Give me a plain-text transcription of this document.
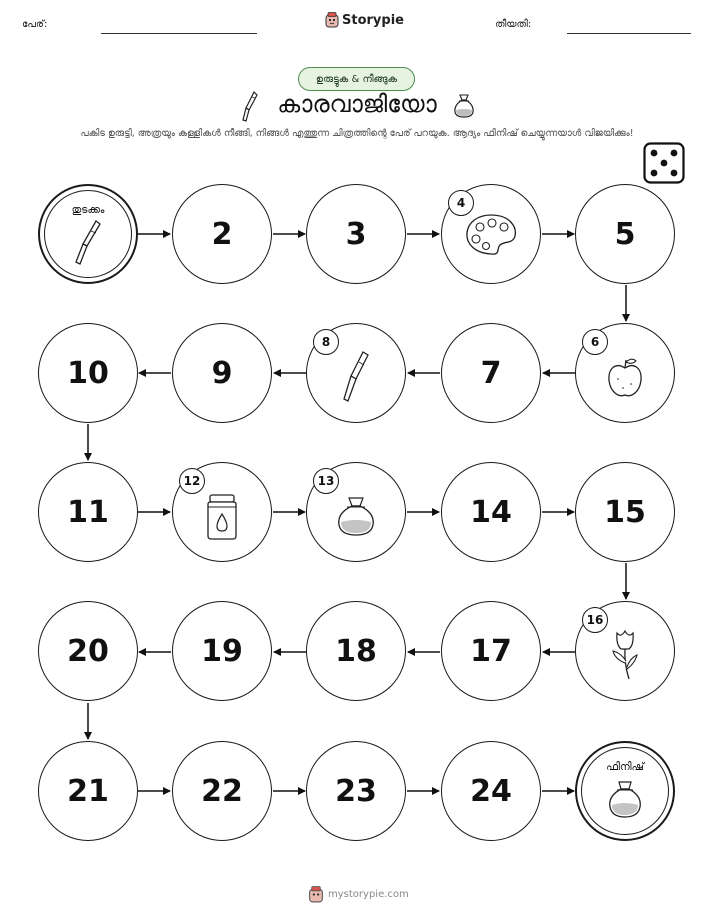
പേര്:	Storypie	തീയതി:
ഉരുട്ടുക & നീങ്ങുക
കാരവാജിയോ
പകിട ഉരുട്ടി, അത്രയും കള്ളികൾ നീങ്ങി, നിങ്ങൾ എത്തുന്ന ചിത്രത്തിന്റെ പേര് പറയുക. ആദ്യം ഫിനിഷ് ചെയ്യുന്നയാൾ വിജയിക്കും!
തുടക്കം
2	3
4
5
6
7
8
9
10
11
12	13
14	15
16
17
18
19
20
21	22	23	24
ഫിനിഷ്
mystorypie.com
